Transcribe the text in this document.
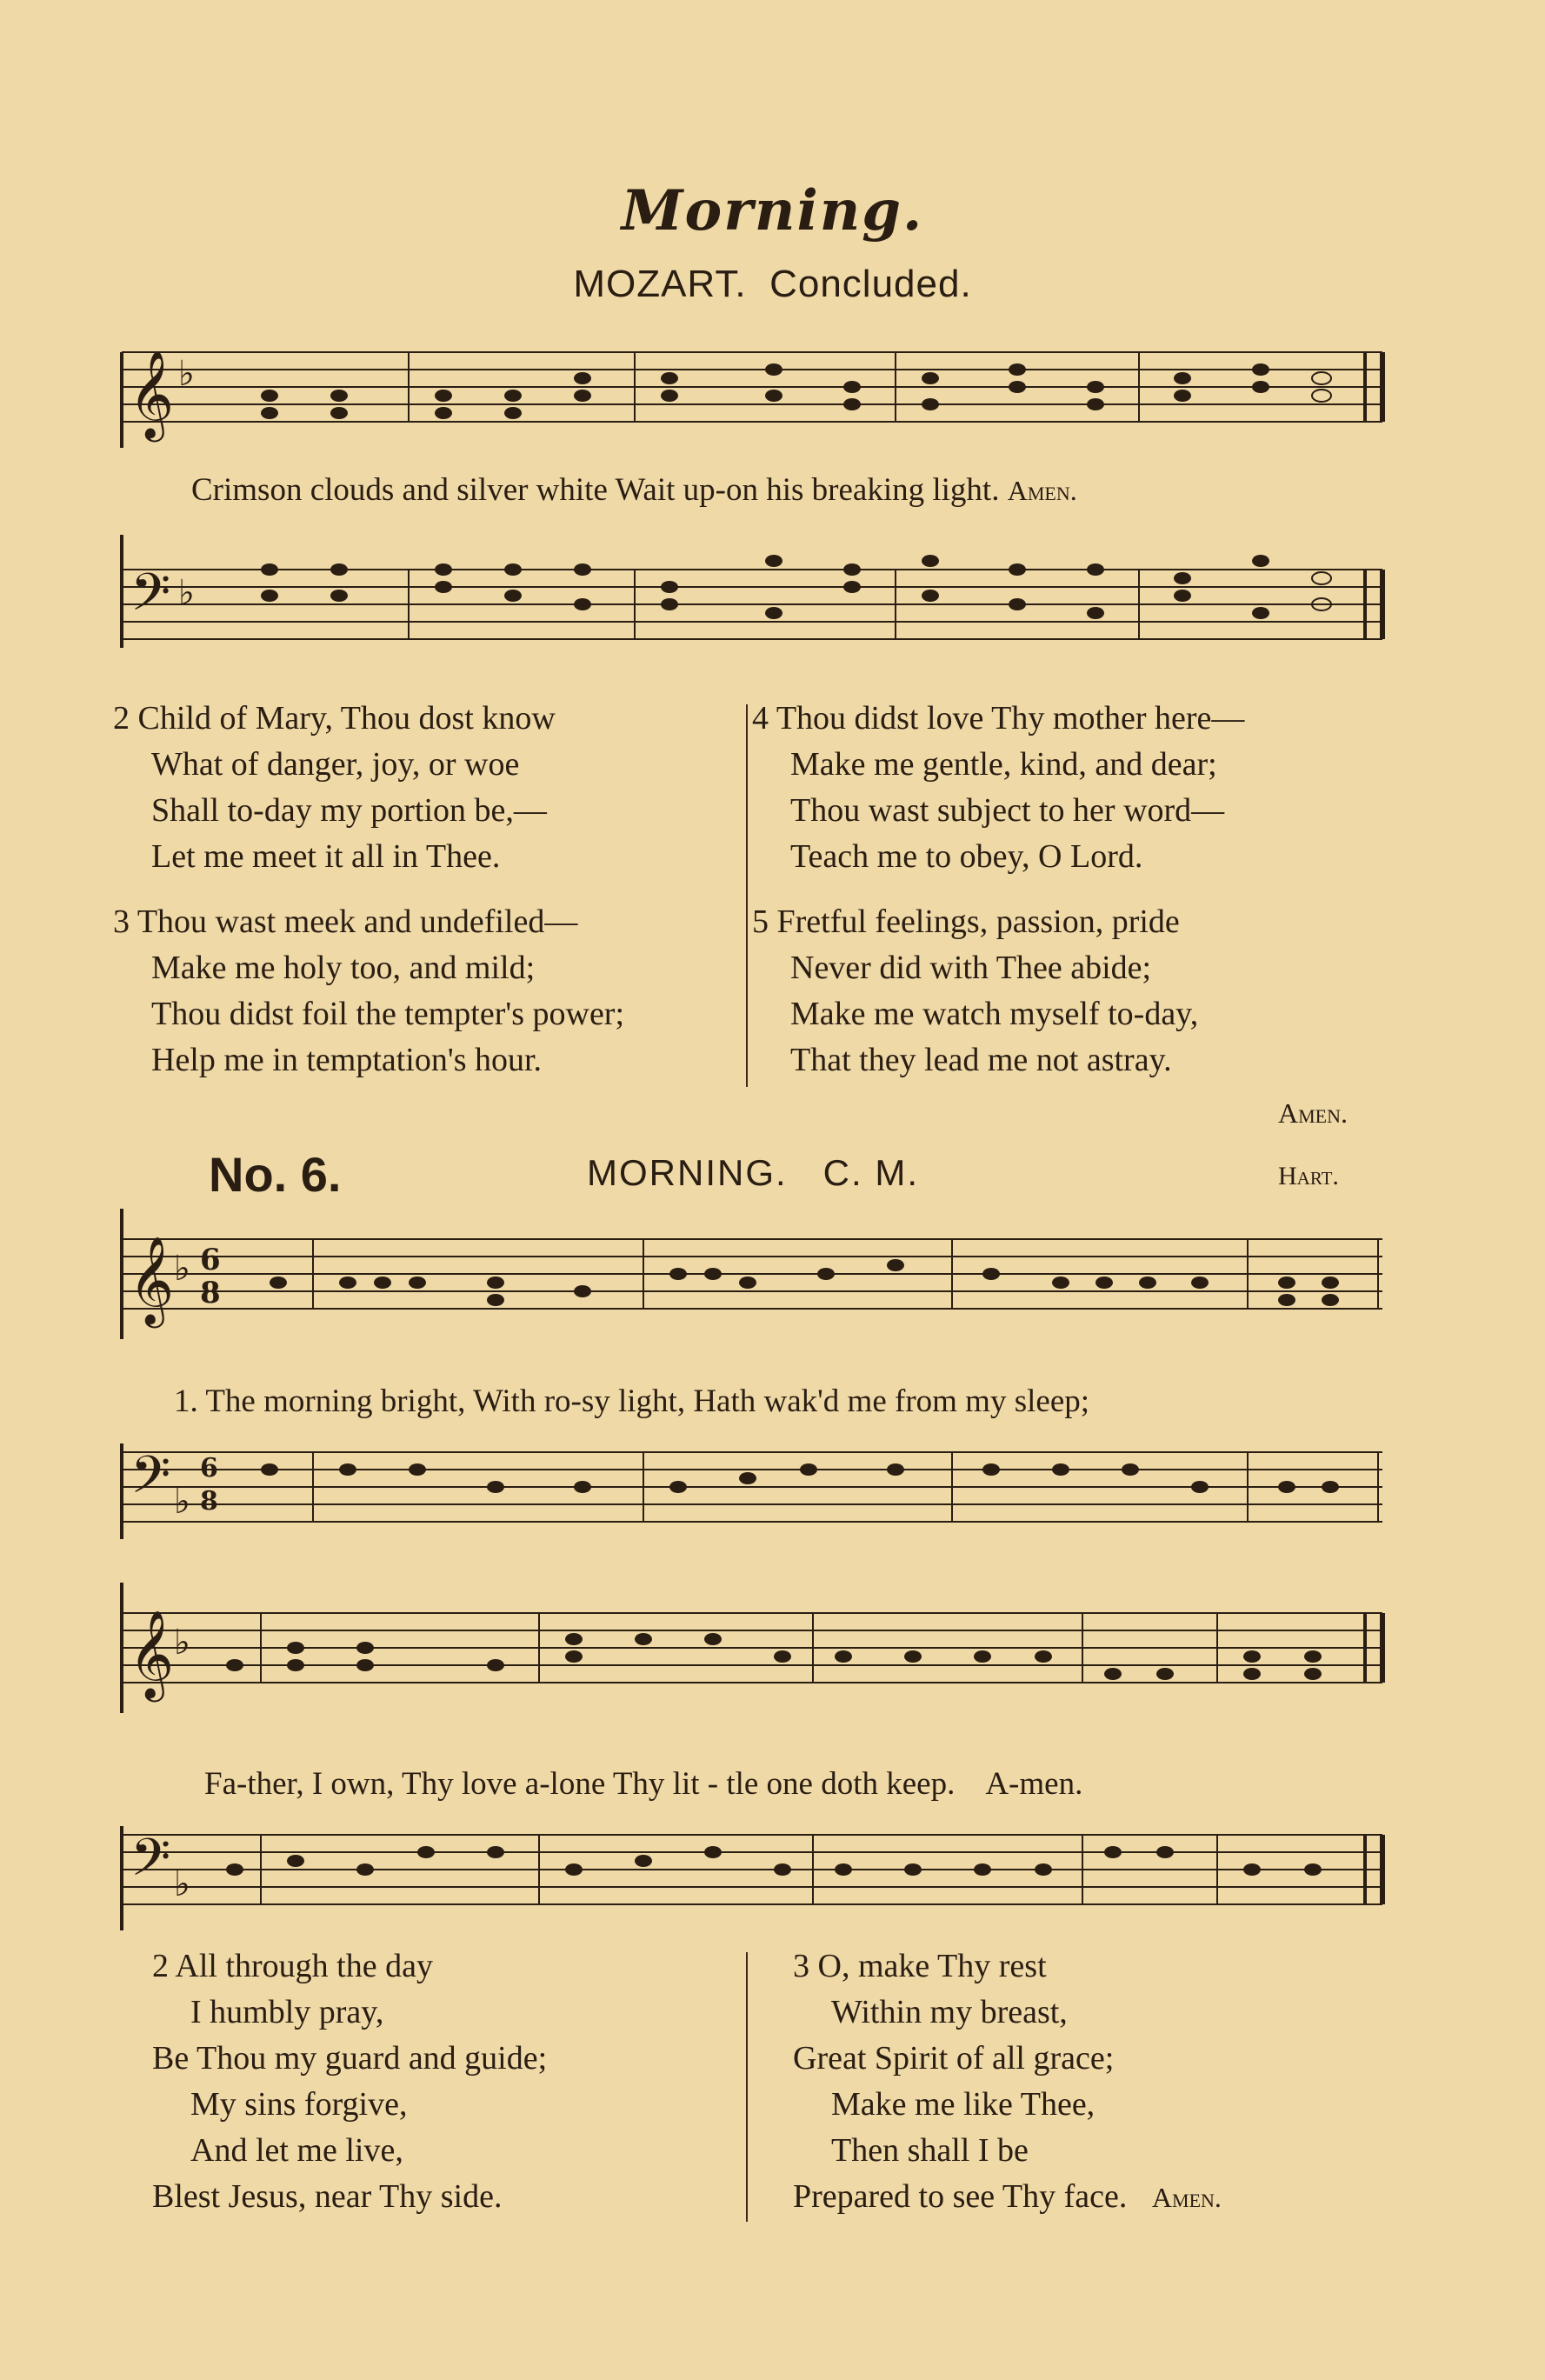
Morning.
MOZART. Concluded.
𝄞 ♭
Crimson clouds and silver white Wait up-on his breaking light. Amen.
𝄢 ♭
2 Child of Mary, Thou dost know
What of danger, joy, or woe
Shall to-day my portion be,—
Let me meet it all in Thee.
3 Thou wast meek and undefiled—
Make me holy too, and mild;
Thou didst foil the tempter's power;
Help me in temptation's hour.
4 Thou didst love Thy mother here—
Make me gentle, kind, and dear;
Thou wast subject to her word—
Teach me to obey, O Lord.
5 Fretful feelings, passion, pride
Never did with Thee abide;
Make me watch myself to-day,
That they lead me not astray.
Amen.
No. 6.	MORNING. C. M.	Hart.
𝄞 ♭ 6
8
1. The morning bright, With ro-sy light, Hath wak'd me from my sleep;
𝄢 ♭
6
8
𝄞 ♭
Fa-ther, I own, Thy love a-lone Thy lit - tle one doth keep. A-men.
𝄢 ♭
2 All through the day
I humbly pray,
Be Thou my guard and guide;
My sins forgive,
And let me live,
Blest Jesus, near Thy side.
3 O, make Thy rest
Within my breast,
Great Spirit of all grace;
Make me like Thee,
Then shall I be
Prepared to see Thy face. Amen.
